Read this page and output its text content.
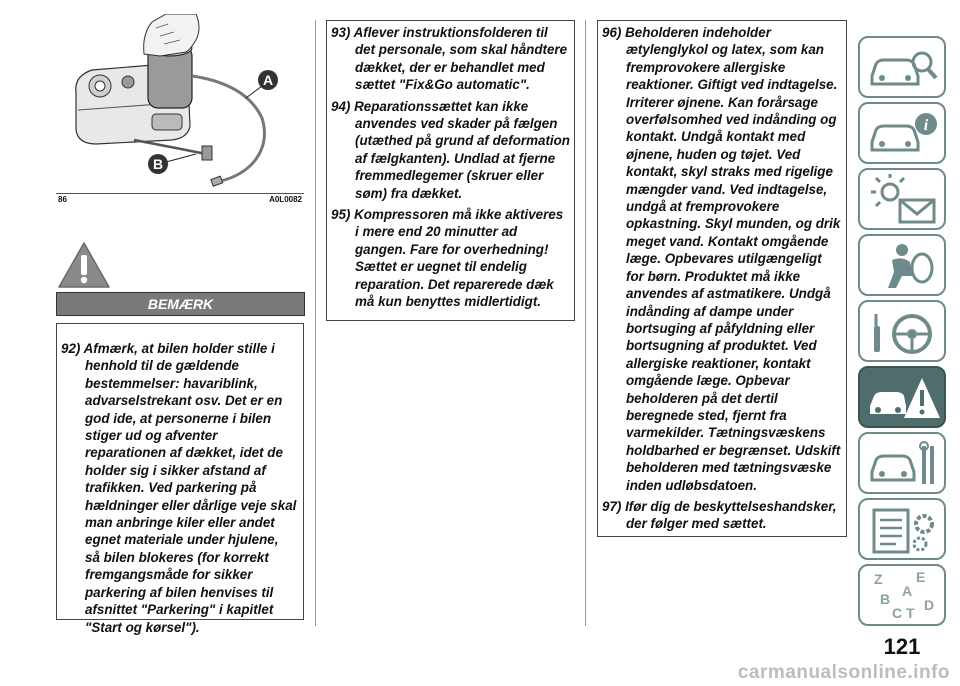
A
B
86	A0L0082
BEMÆRK
92) Afmærk, at bilen holder stille i henhold til de gældende bestemmelser: havariblink, advarselstrekant osv. Det er en god ide, at personerne i bilen stiger ud og afventer reparationen af dækket, idet de holder sig i sikker afstand af trafikken. Ved parkering på hældninger eller dårlige veje skal man anbringe kiler eller andet egnet materiale under hjulene, så bilen blokeres (for korrekt fremgangsmåde for sikker parkering af bilen henvises til afsnittet "Parkering" i kapitlet "Start og kørsel").
93) Aflever instruktionsfolderen til det personale, som skal håndtere dækket, der er behandlet med sættet "Fix&Go automatic".
94) Reparationssættet kan ikke anvendes ved skader på fælgen (utæthed på grund af deformation af fælgkanten). Undlad at fjerne fremmedlegemer (skruer eller søm) fra dækket.
95) Kompressoren må ikke aktiveres i mere end 20 minutter ad gangen. Fare for overhedning! Sættet er uegnet til endelig reparation. Det reparerede dæk må kun benyttes midlertidigt.
96) Beholderen indeholder ætylenglykol og latex, som kan fremprovokere allergiske reaktioner. Giftigt ved indtagelse. Irriterer øjnene. Kan forårsage overfølsomhed ved indånding og kontakt. Undgå kontakt med øjnene, huden og tøjet. Ved kontakt, skyl straks med rigelige mængder vand. Ved indtagelse, undgå at fremprovokere opkastning. Skyl munden, og drik meget vand. Kontakt omgående læge. Opbevares utilgængeligt for børn. Produktet må ikke anvendes af astmatikere. Undgå indånding af dampe under bortsuging af påfyldning eller bortsugning af produktet. Ved allergiske reaktioner, kontakt omgående læge. Opbevar beholderen på det dertil beregnede sted, fjernt fra varmekilder. Tætningsvæskens holdbarhed er begrænset. Udskift beholderen med tætningsvæske inden udløbsdatoen.
97) Ifør dig de beskyttelseshandsker, der følger med sættet.
i
Z E
A
B D
C T
121
carmanualsonline.info
